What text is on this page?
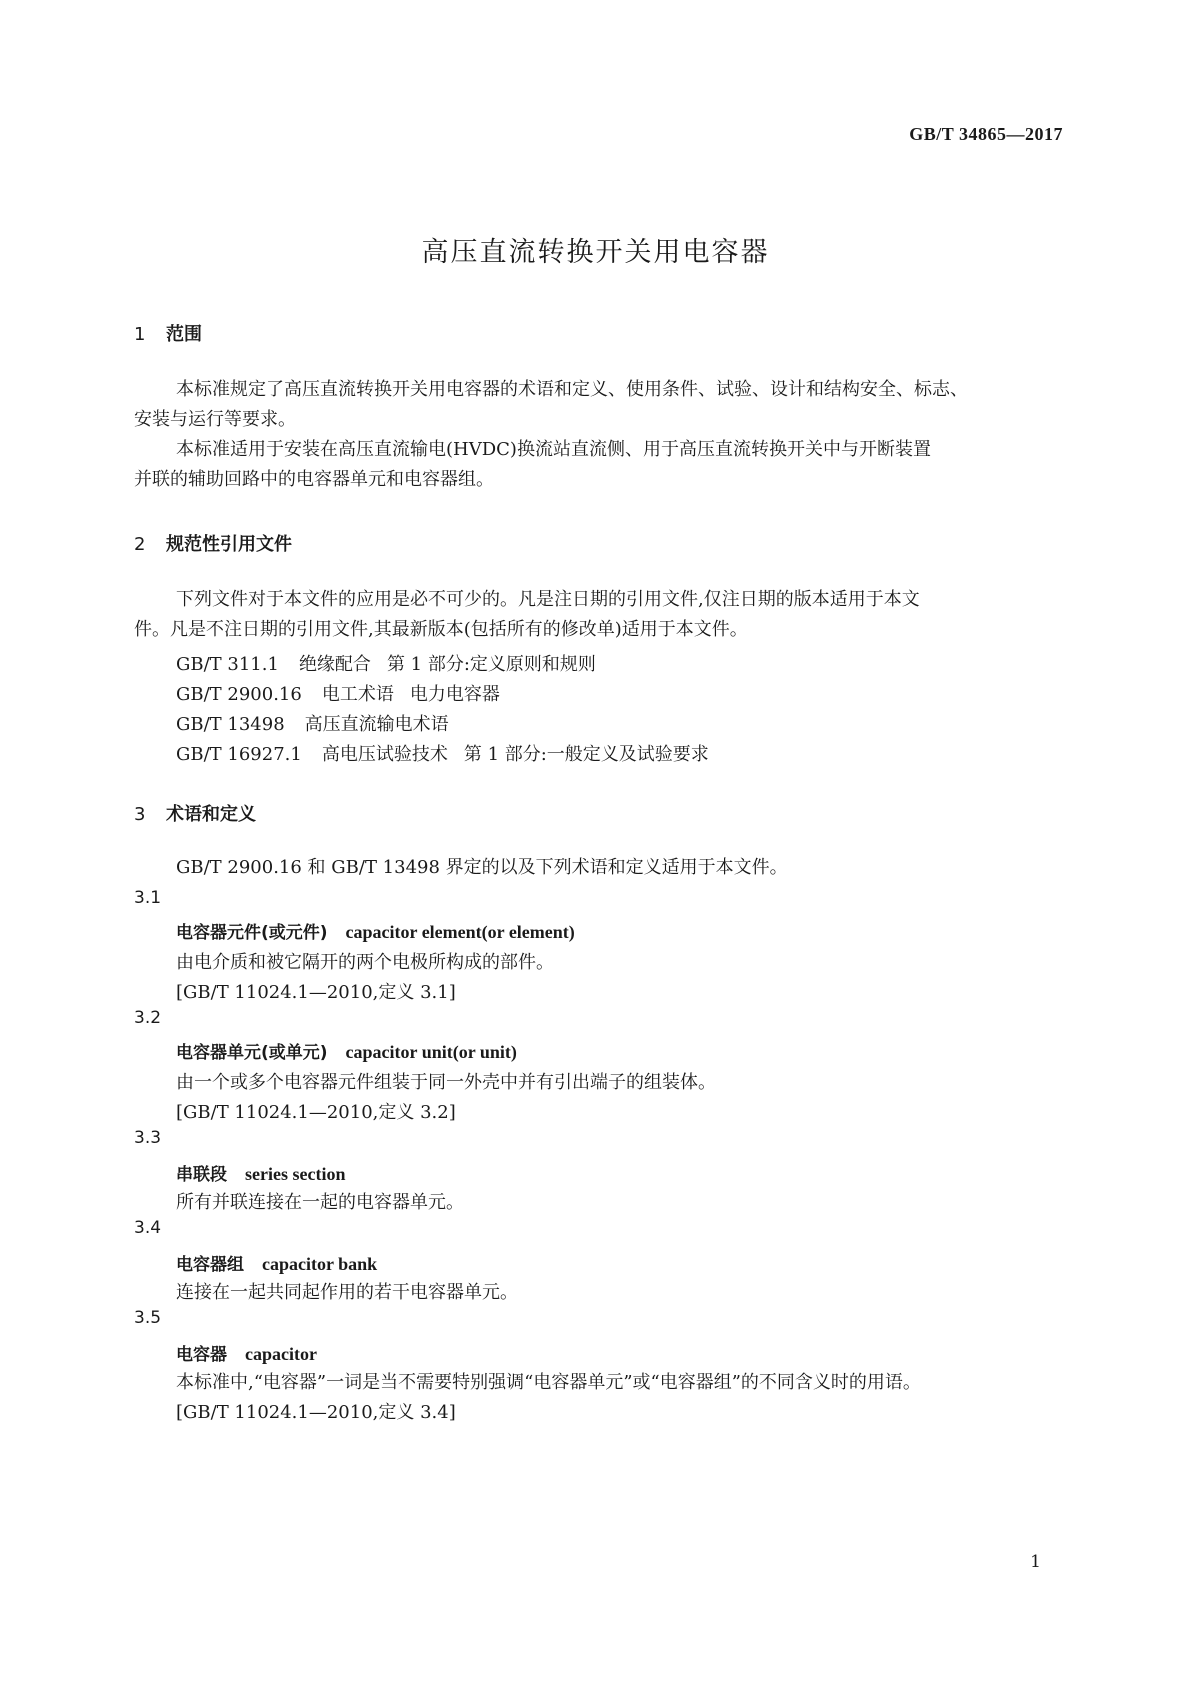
GB/T 34865—2017
高压直流转换开关用电容器
1 范围
本标准规定了高压直流转换开关用电容器的术语和定义、使用条件、试验、设计和结构安全、标志、
安装与运行等要求。
本标准适用于安装在高压直流输电(HVDC)换流站直流侧、用于高压直流转换开关中与开断装置
并联的辅助回路中的电容器单元和电容器组。
2 规范性引用文件
下列文件对于本文件的应用是必不可少的。凡是注日期的引用文件,仅注日期的版本适用于本文
件。凡是不注日期的引用文件,其最新版本(包括所有的修改单)适用于本文件。
GB/T 311.1 绝缘配合 第 1 部分:定义原则和规则
GB/T 2900.16 电工术语 电力电容器
GB/T 13498 高压直流输电术语
GB/T 16927.1 高电压试验技术 第 1 部分:一般定义及试验要求
3 术语和定义
GB/T 2900.16 和 GB/T 13498 界定的以及下列术语和定义适用于本文件。
3.1
电容器元件(或元件) capacitor element(or element)
由电介质和被它隔开的两个电极所构成的部件。
[GB/T 11024.1—2010,定义 3.1]
3.2
电容器单元(或单元) capacitor unit(or unit)
由一个或多个电容器元件组装于同一外壳中并有引出端子的组装体。
[GB/T 11024.1—2010,定义 3.2]
3.3
串联段 series section
所有并联连接在一起的电容器单元。
3.4
电容器组 capacitor bank
连接在一起共同起作用的若干电容器单元。
3.5
电容器 capacitor
本标准中,“电容器”一词是当不需要特别强调“电容器单元”或“电容器组”的不同含义时的用语。
[GB/T 11024.1—2010,定义 3.4]
1
